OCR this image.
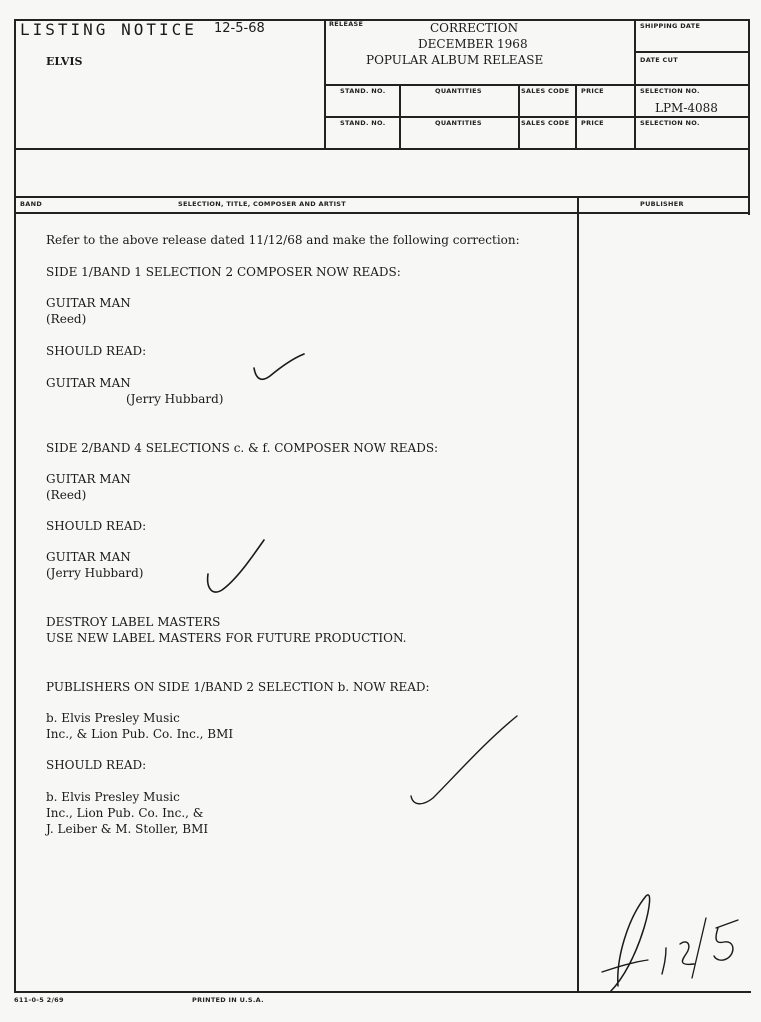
LISTING NOTICE 12-5-68
ELVIS
RELEASE	CORRECTION
DECEMBER 1968
POPULAR ALBUM RELEASE
SHIPPING DATE
DATE CUT
STAND. NO.	QUANTITIES	SALES CODE PRICE	SELECTION NO.
LPM-4088
STAND. NO.	QUANTITIES	SALES CODE PRICE	SELECTION NO.
BAND	SELECTION, TITLE, COMPOSER AND ARTIST	PUBLISHER
Refer to the above release dated 11/12/68 and make the following correction:
SIDE 1/BAND 1 SELECTION 2 COMPOSER NOW READS:
GUITAR MAN
(Reed)
SHOULD READ:
GUITAR MAN
(Jerry Hubbard)
SIDE 2/BAND 4 SELECTIONS c. & f. COMPOSER NOW READS:
GUITAR MAN
(Reed)
SHOULD READ:
GUITAR MAN
(Jerry Hubbard)
DESTROY LABEL MASTERS
USE NEW LABEL MASTERS FOR FUTURE PRODUCTION.
PUBLISHERS ON SIDE 1/BAND 2 SELECTION b. NOW READ:
b. Elvis Presley Music
Inc., & Lion Pub. Co. Inc., BMI
SHOULD READ:
b. Elvis Presley Music
Inc., Lion Pub. Co. Inc., &
J. Leiber & M. Stoller, BMI
611-0-5 2/69	PRINTED IN U.S.A.
